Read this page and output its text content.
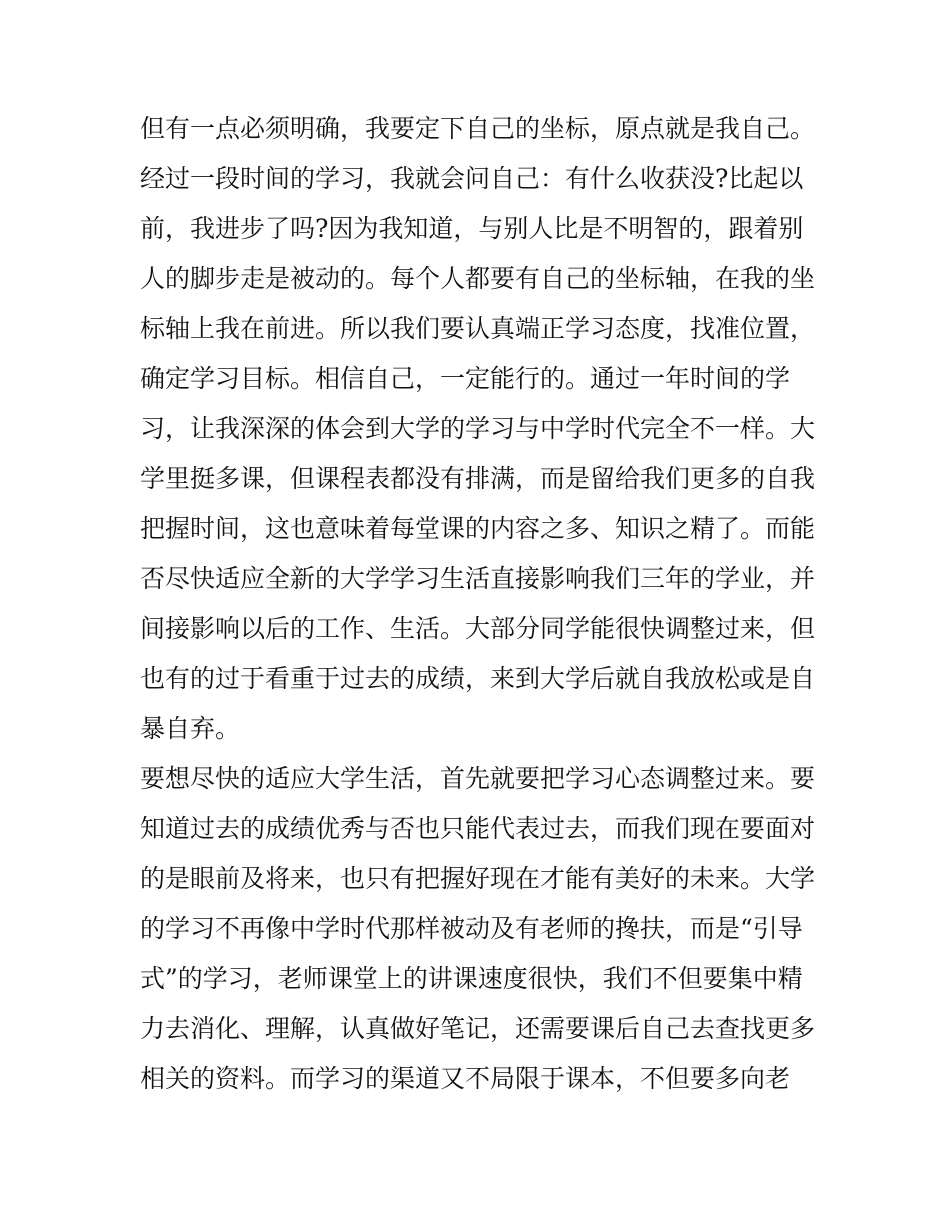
但有一点必须明确，我要定下自己的坐标，原点就是我自己。
经过一段时间的学习，我就会问自己：有什么收获没?比起以
前，我进步了吗?因为我知道，与别人比是不明智的，跟着别
人的脚步走是被动的。每个人都要有自己的坐标轴，在我的坐
标轴上我在前进。所以我们要认真端正学习态度，找准位置，
确定学习目标。相信自己，一定能行的。通过一年时间的学
习，让我深深的体会到大学的学习与中学时代完全不一样。大
学里挺多课，但课程表都没有排满，而是留给我们更多的自我
把握时间，这也意味着每堂课的内容之多、知识之精了。而能
否尽快适应全新的大学学习生活直接影响我们三年的学业，并
间接影响以后的工作、生活。大部分同学能很快调整过来，但
也有的过于看重于过去的成绩，来到大学后就自我放松或是自
暴自弃。
要想尽快的适应大学生活，首先就要把学习心态调整过来。要
知道过去的成绩优秀与否也只能代表过去，而我们现在要面对
的是眼前及将来，也只有把握好现在才能有美好的未来。大学
的学习不再像中学时代那样被动及有老师的搀扶，而是“引导
式”的学习，老师课堂上的讲课速度很快，我们不但要集中精
力去消化、理解，认真做好笔记，还需要课后自己去查找更多
相关的资料。而学习的渠道又不局限于课本，不但要多向老
